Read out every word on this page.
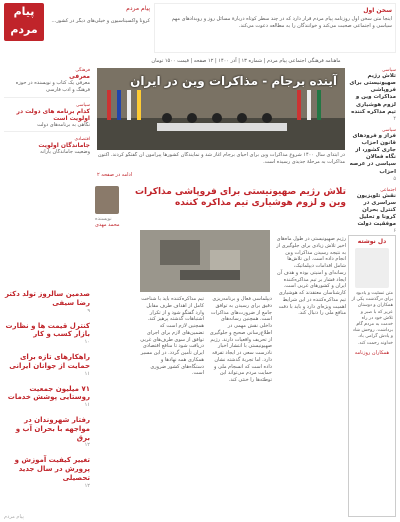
پیام
مردم
پیام مردم
کرونا واکسیناسیون و خیلی‌های دیگر در کشور…
سخن اول
اینجا متن سخن اول روزنامه پیام مردم قرار دارد که در چند سطر کوتاه دربارهٔ مسائل روز و رویدادهای مهم سیاسی و اجتماعی صحبت می‌کند و خوانندگان را به مطالعه دعوت می‌کند.
ماهنامه فرهنگی اجتماعی پیام مردم | شماره ۱۳ | آذر ۱۴۰۰ | ۱۲ صفحه | قیمت ۱۵۰۰ تومان
آینده برجام - مذاکرات وین در ایران
در ابتدای سال ۱۴۰۰ شروع مذاکرات وین برای احیای برجام آغاز شد و نمایندگان کشورها پیرامون آن گفتگو کردند. اکنون مذاکرات به مرحلهٔ جدیدی رسیده است.
ادامه در صفحه ۲
نویسنده
محمد مهدی
تلاش رژیم صهیونیستی برای فروپاشی مذاکرات وین و لزوم هوشیاری تیم مذاکره کننده
رژیم صهیونیستی در طول ماه‌های اخیر تلاش زیادی برای جلوگیری از به نتیجه رسیدن مذاکرات وین انجام داده است. این تلاش‌ها شامل اقدامات دیپلماتیک، رسانه‌ای و امنیتی بوده و هدف آن ایجاد فشار بر تیم مذاکره‌کننده ایران و کشورهای غربی است. کارشناسان معتقدند که هوشیاری تیم مذاکره‌کننده در این شرایط اهمیت ویژه‌ای دارد و باید با دقت منافع ملی را دنبال کند.
دیپلماسی فعال و برنامه‌ریزی دقیق برای رسیدن به توافق جامع از ضرورت‌های مذاکرات است. همچنین رسانه‌های داخلی نقش مهمی در اطلاع‌رسانی صحیح و جلوگیری از تحریف واقعیات دارند. رژیم صهیونیستی با انتشار اخبار نادرست سعی در ایجاد تفرقه دارد. اما تجربهٔ گذشته نشان داده است که انسجام ملی و حمایت مردم می‌تواند این توطئه‌ها را خنثی کند.
تیم مذاکره‌کننده باید با شناخت کامل از اهداف طرف مقابل وارد گفتگو شود و از تکرار اشتباهات گذشته پرهیز کند. همچنین لازم است که تضمین‌های لازم برای اجرای توافق از سوی طرف‌های غربی دریافت شود تا منافع اقتصادی ایران تأمین گردد. در این مسیر همکاری همه نهادها و دستگاه‌های کشور ضروری است.
دل نوشته
متن تسلیت و یادبود برای درگذشت یکی از همکاران و دوستان عزیز که با صبر و تلاش خود در راه خدمت به مردم گام برداشت. روحش شاد و یادش گرامی باد. خداوند رحمت کند.
همکاران روزنامه
سیاسی
تلاش رژیم صهیونیستی برای فروپاشی مذاکرات وین و لزوم هوشیاری تیم مذاکره کننده
۴
سیاسی
فراز و فرودهای قانون احزاب جاری کشور، از نگاه فعالان سیاسی در عرصه احزاب
۵
اجتماعی
نقش تلویزیون سراسری در کنترل بحران کرونا و تحلیل موفقیت دولت
۶
فرهنگی
معرفی
معرفی یک کتاب و نویسنده در حوزه فرهنگ و ادب فارسی
سیاسی
کدام برنامه های دولت در اولویت است
نگاهی به برنامه‌های دولت
اقتصادی
جاماندگان اولویت
وضعیت جاماندگان یارانه
صدمین سالروز تولد دکتر رضا سیفی
۹
کنترل قیمت ها و نظارت بازار کسب و کار
۱۰
راهکارهای تازه برای حمایت از جوانان ایرانی
۱۱
۷۱ میلیون جمعیت روستایی پوشش خدمات
۱۱
رفتار شهروندان در مواجهه با بحران آب و برق
۱۲
تغییر کیفیت آموزش و پرورش در سال جدید تحصیلی
۱۲
پیام مردم
